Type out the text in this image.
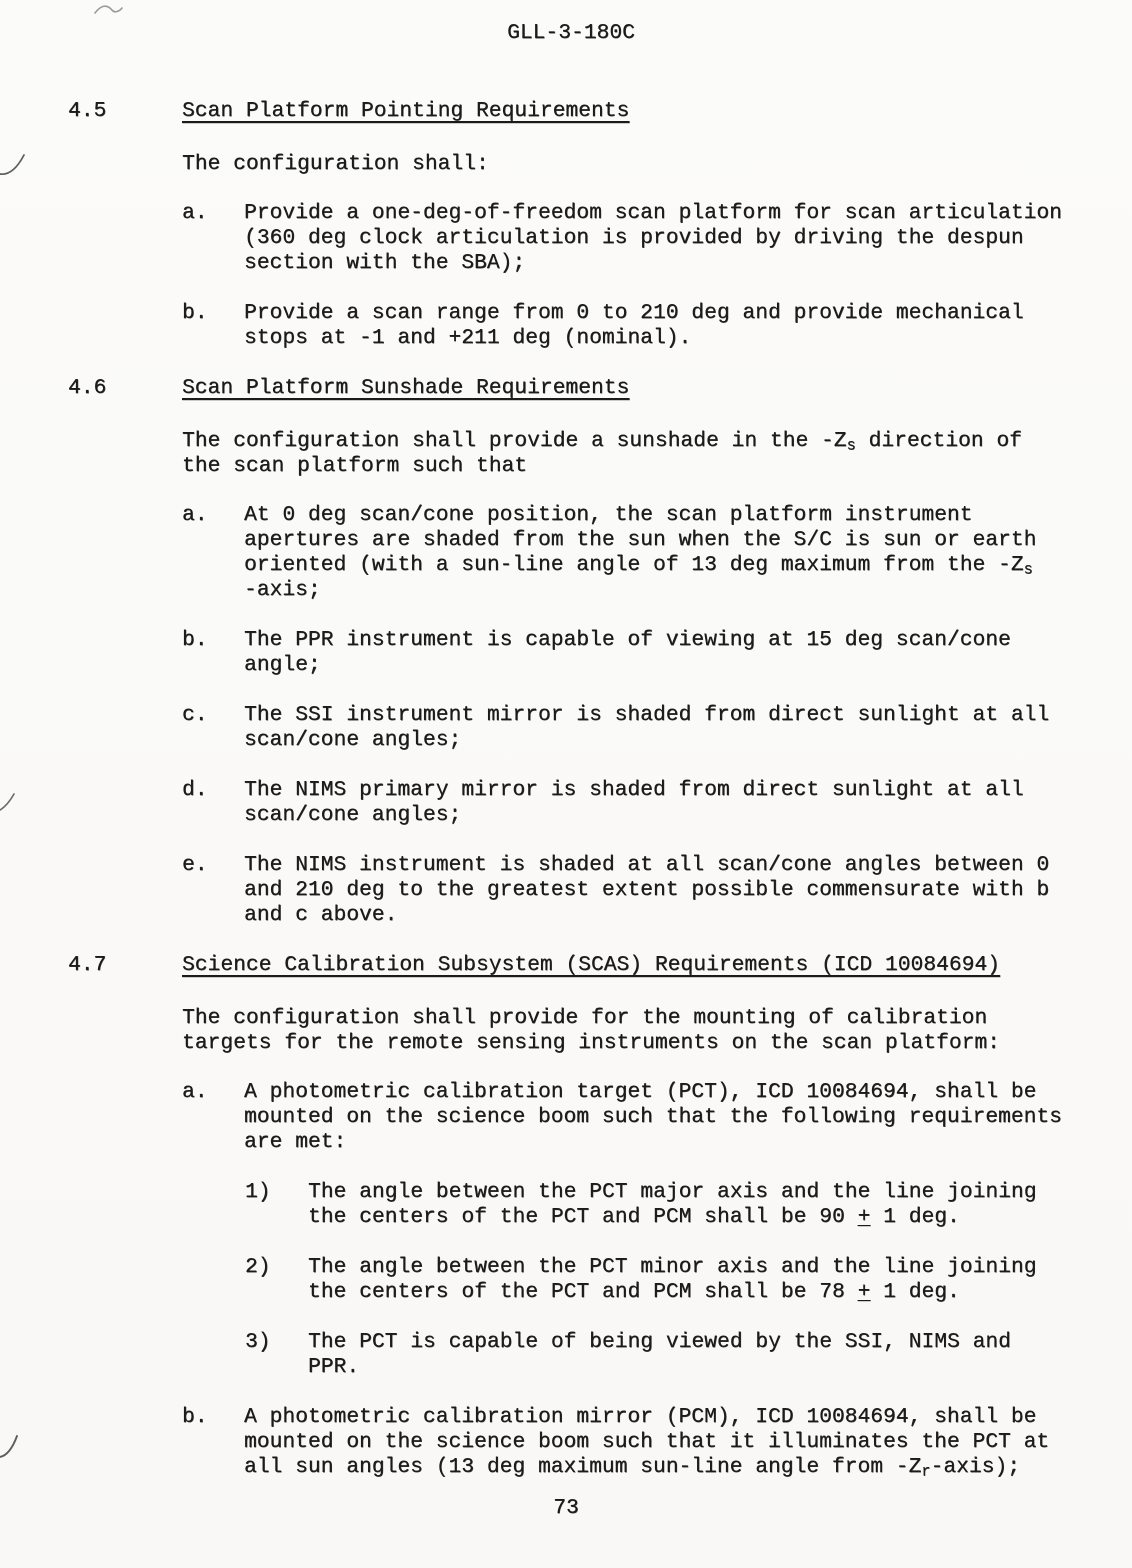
GLL-3-180C
4.5	Scan Platform Pointing Requirements

The configuration shall:

a.	Provide a one-deg-of-freedom scan platform for scan articulation
(360 deg clock articulation is provided by driving the despun
section with the SBA);
b.	Provide a scan range from 0 to 210 deg and provide mechanical
stops at -1 and +211 deg (nominal).
4.6	Scan Platform Sunshade Requirements

The configuration shall provide a sunshade in the $-Z_s$ direction of
the scan platform such that

a.	At 0 deg scan/cone position, the scan platform instrument
apertures are shaded from the sun when the S/C is sun or earth
oriented (with a sun-line angle of 13 deg maximum from the $-Z_s$
-axis;
b.	The PPR instrument is capable of viewing at 15 deg scan/cone
angle;
c.	The SSI instrument mirror is shaded from direct sunlight at all
scan/cone angles;
d.	The NIMS primary mirror is shaded from direct sunlight at all
scan/cone angles;
e.	The NIMS instrument is shaded at all scan/cone angles between 0
and 210 deg to the greatest extent possible commensurate with b
and c above.
4.7	Science Calibration Subsystem (SCAS) Requirements (ICD 10084694)

The configuration shall provide for the mounting of calibration
targets for the remote sensing instruments on the scan platform:

a.	A photometric calibration target (PCT), ICD 10084694, shall be
mounted on the science boom such that the following requirements
are met:
1)	The angle between the PCT major axis and the line joining
the centers of the PCT and PCM shall be 90 + 1 deg.
2)	The angle between the PCT minor axis and the line joining
the centers of the PCT and PCM shall be 78 + 1 deg.
3)	The PCT is capable of being viewed by the SSI, NIMS and PPR.
b.	A photometric calibration mirror (PCM), ICD 10084694, shall be
mounted on the science boom such that it illuminates the PCT at
all sun angles (13 deg maximum sun-line angle from $-Z_r-axis$);
73
